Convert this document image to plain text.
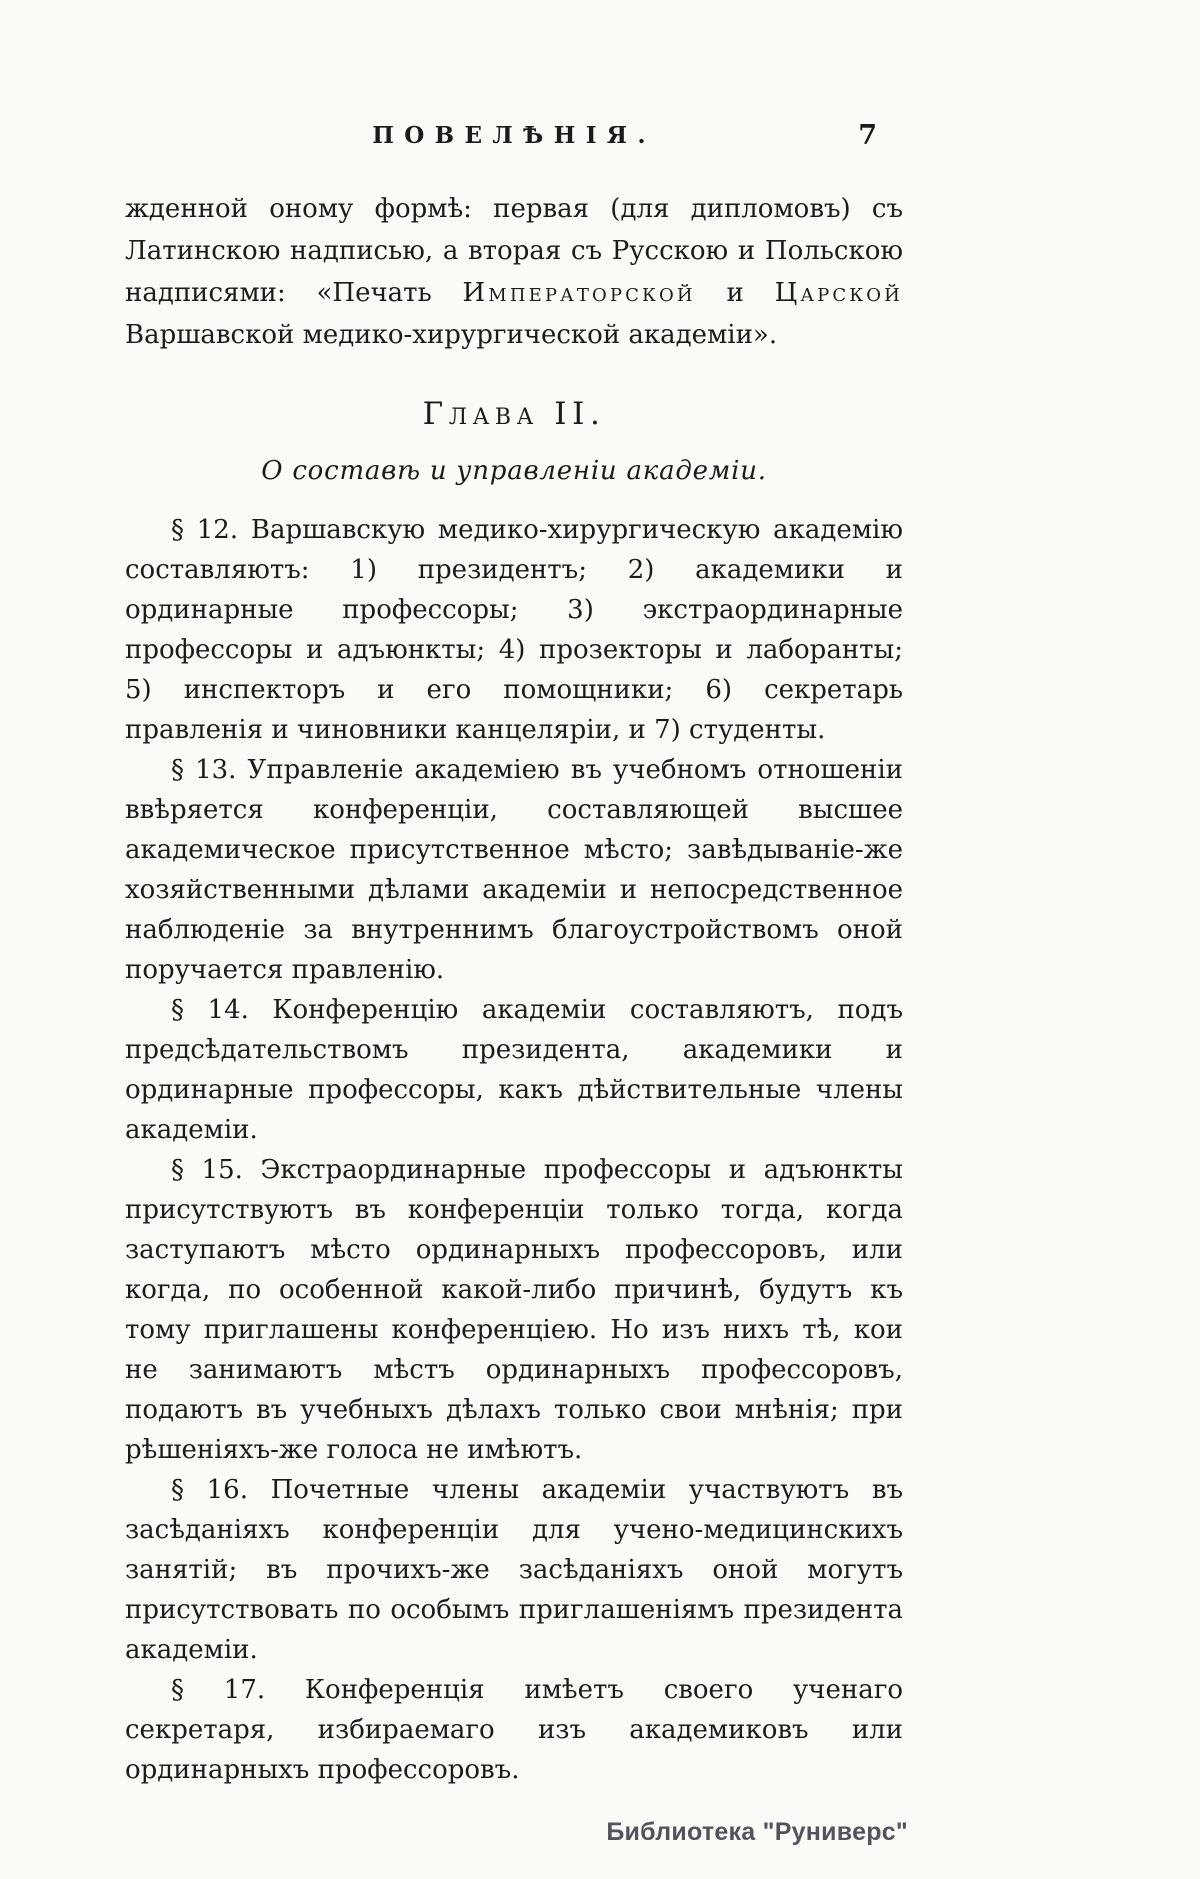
ПОВЕЛѢНІЯ.	7

жденной оному формѣ: первая (для дипломовъ) съ Латинскою надписью, а вторая съ Русскою и Польскою надписями: «Печать Императорской и Царской Варшавской медико-хирургической академіи».

Глава II.

О составѣ и управленіи академіи.

§ 12. Варшавскую медико-хирургическую академію составляютъ: 1) президентъ; 2) академики и ординарные профессоры; 3) экстраординарные профессоры и адъюнкты; 4) прозекторы и лаборанты; 5) инспекторъ и его помощники; 6) секретарь правленія и чиновники канцеляріи, и 7) студенты.

§ 13. Управленіе академіею въ учебномъ отношеніи ввѣряется конференціи, составляющей высшее академическое присутственное мѣсто; завѣдываніе-же хозяйственными дѣлами академіи и непосредственное наблюденіе за внутреннимъ благоустройствомъ оной поручается правленію.

§ 14. Конференцію академіи составляютъ, подъ предсѣдательствомъ президента, академики и ординарные профессоры, какъ дѣйствительные члены академіи.

§ 15. Экстраординарные профессоры и адъюнкты присутствуютъ въ конференціи только тогда, когда заступаютъ мѣсто ординарныхъ профессоровъ, или когда, по особенной какой-либо причинѣ, будутъ къ тому приглашены конференціею. Но изъ нихъ тѣ, кои не занимаютъ мѣстъ ординарныхъ профессоровъ, подаютъ въ учебныхъ дѣлахъ только свои мнѣнія; при рѣшеніяхъ-же голоса не имѣютъ.

§ 16. Почетные члены академіи участвуютъ въ засѣданіяхъ конференціи для учено-медицинскихъ занятій; въ прочихъ-же засѣданіяхъ оной могутъ присутствовать по особымъ приглашеніямъ президента академіи.

§ 17. Конференція имѣетъ своего ученаго секретаря, избираемаго изъ академиковъ или ординарныхъ профессоровъ.

Библиотека "Руниверс"
